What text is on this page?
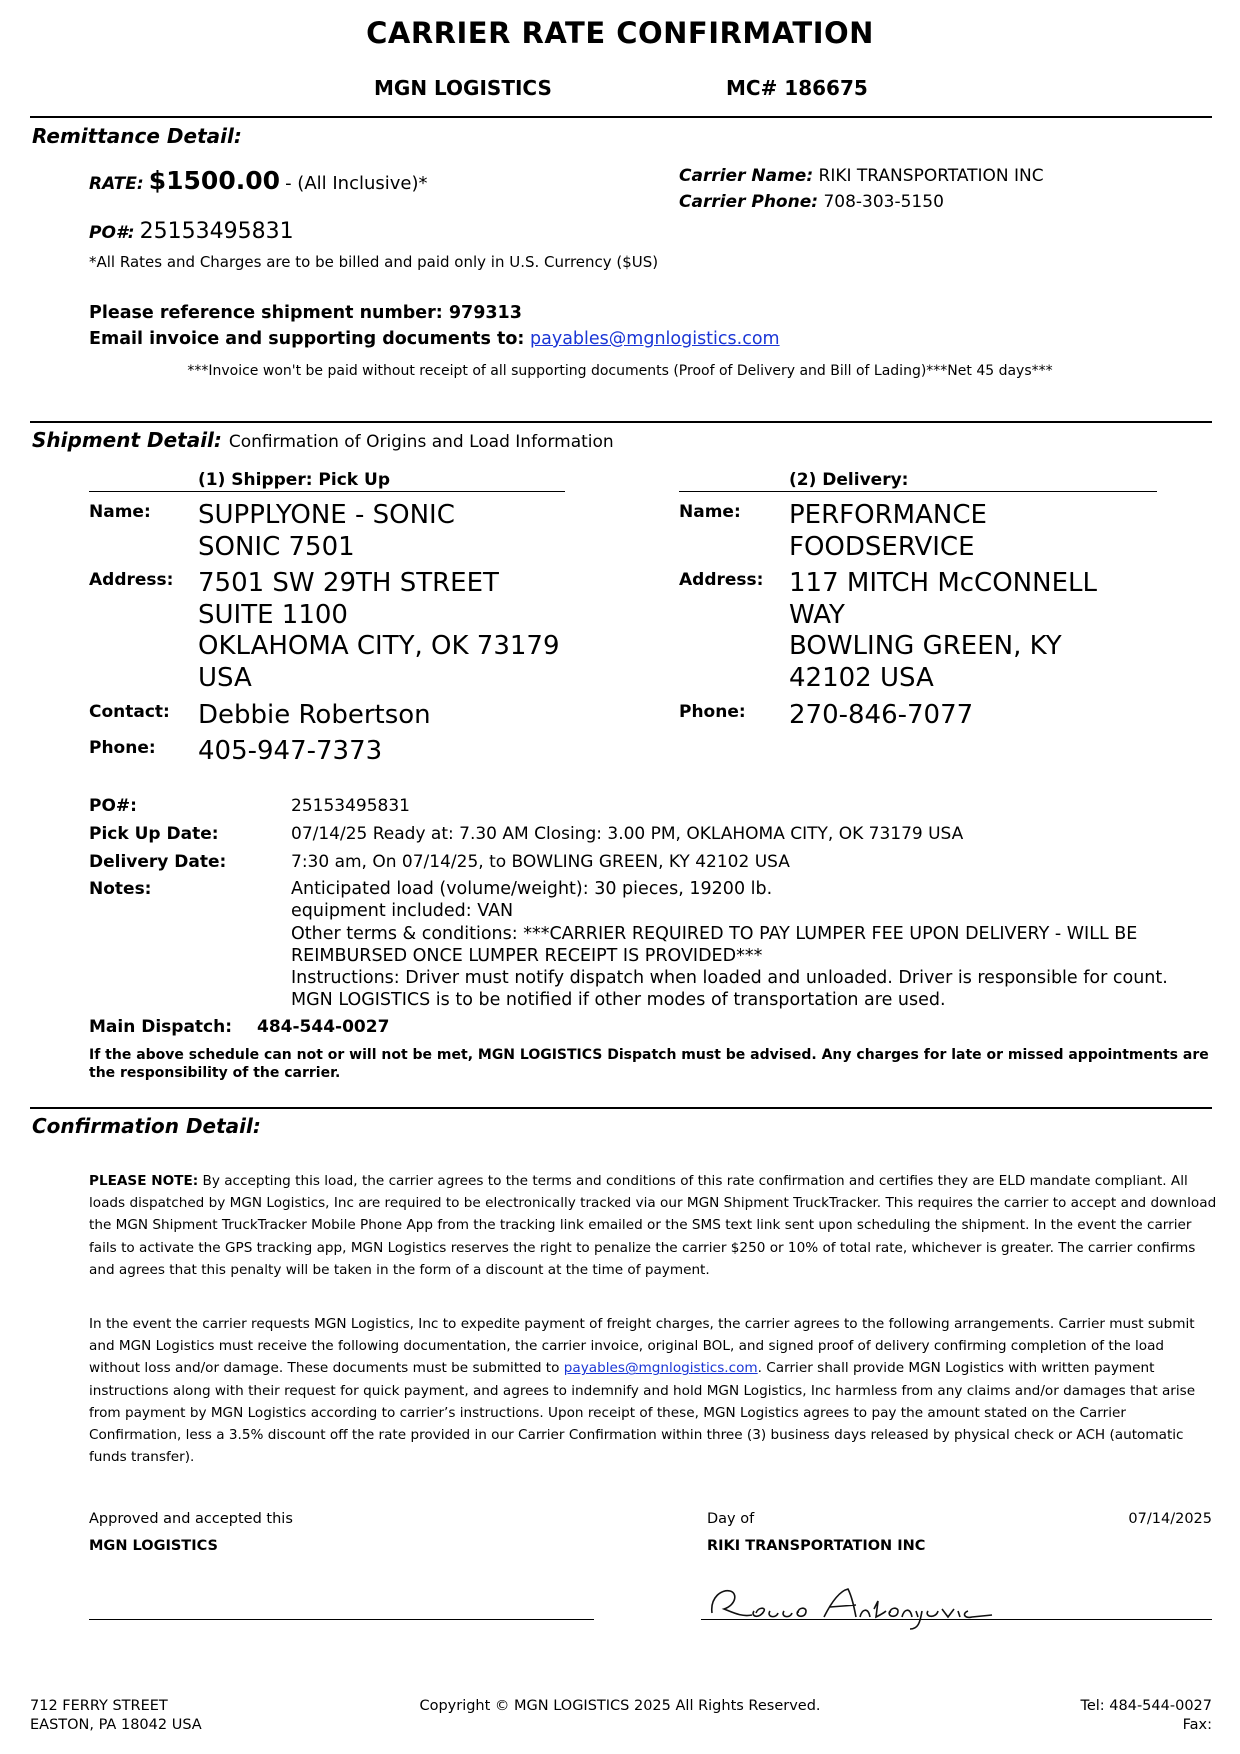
CARRIER RATE CONFIRMATION
MGN LOGISTICS	MC# 186675
Remittance Detail:
RATE: $1500.00 - (All Inclusive)*
PO#: 25153495831
*All Rates and Charges are to be billed and paid only in U.S. Currency ($US)
Carrier Name: RIKI TRANSPORTATION INC
Carrier Phone: 708-303-5150
Please reference shipment number: 979313
Email invoice and supporting documents to: payables@mgnlogistics.com
***Invoice won't be paid without receipt of all supporting documents (Proof of Delivery and Bill of Lading)***Net 45 days***
Shipment Detail: Confirmation of Origins and Load Information
(1) Shipper: Pick Up
Name: SUPPLYONE - SONIC
SONIC 7501
Address: 7501 SW 29TH STREET
SUITE 1100
OKLAHOMA CITY, OK 73179
USA
Contact: Debbie Robertson
Phone: 405-947-7373
(2) Delivery:
Name: PERFORMANCE
FOODSERVICE
Address: 117 MITCH McCONNELL
WAY
BOWLING GREEN, KY
42102 USA
Phone: 270-846-7077
PO#:	25153495831
Pick Up Date:	07/14/25 Ready at: 7.30 AM Closing: 3.00 PM, OKLAHOMA CITY, OK 73179 USA
Delivery Date:	7:30 am, On 07/14/25, to BOWLING GREEN, KY 42102 USA
Notes:	Anticipated load (volume/weight): 30 pieces, 19200 lb.
equipment included: VAN
Other terms & conditions: ***CARRIER REQUIRED TO PAY LUMPER FEE UPON DELIVERY - WILL BE
REIMBURSED ONCE LUMPER RECEIPT IS PROVIDED***
Instructions: Driver must notify dispatch when loaded and unloaded. Driver is responsible for count.
MGN LOGISTICS is to be notified if other modes of transportation are used.
Main Dispatch: 484-544-0027
If the above schedule can not or will not be met, MGN LOGISTICS Dispatch must be advised. Any charges for late or missed appointments are the responsibility of the carrier.
Confirmation Detail:
PLEASE NOTE: By accepting this load, the carrier agrees to the terms and conditions of this rate confirmation and certifies they are ELD mandate compliant. All loads dispatched by MGN Logistics, Inc are required to be electronically tracked via our MGN Shipment TruckTracker. This requires the carrier to accept and download the MGN Shipment TruckTracker Mobile Phone App from the tracking link emailed or the SMS text link sent upon scheduling the shipment. In the event the carrier fails to activate the GPS tracking app, MGN Logistics reserves the right to penalize the carrier $250 or 10% of total rate, whichever is greater. The carrier confirms and agrees that this penalty will be taken in the form of a discount at the time of payment.
In the event the carrier requests MGN Logistics, Inc to expedite payment of freight charges, the carrier agrees to the following arrangements. Carrier must submit and MGN Logistics must receive the following documentation, the carrier invoice, original BOL, and signed proof of delivery confirming completion of the load without loss and/or damage. These documents must be submitted to payables@mgnlogistics.com. Carrier shall provide MGN Logistics with written payment instructions along with their request for quick payment, and agrees to indemnify and hold MGN Logistics, Inc harmless from any claims and/or damages that arise from payment by MGN Logistics according to carrier’s instructions. Upon receipt of these, MGN Logistics agrees to pay the amount stated on the Carrier Confirmation, less a 3.5% discount off the rate provided in our Carrier Confirmation within three (3) business days released by physical check or ACH (automatic funds transfer).
Approved and accepted this
MGN LOGISTICS
Day of	07/14/2025
RIKI TRANSPORTATION INC
712 FERRY STREET
EASTON, PA 18042 USA
Copyright © MGN LOGISTICS 2025 All Rights Reserved.	Tel: 484-544-0027
Fax:
